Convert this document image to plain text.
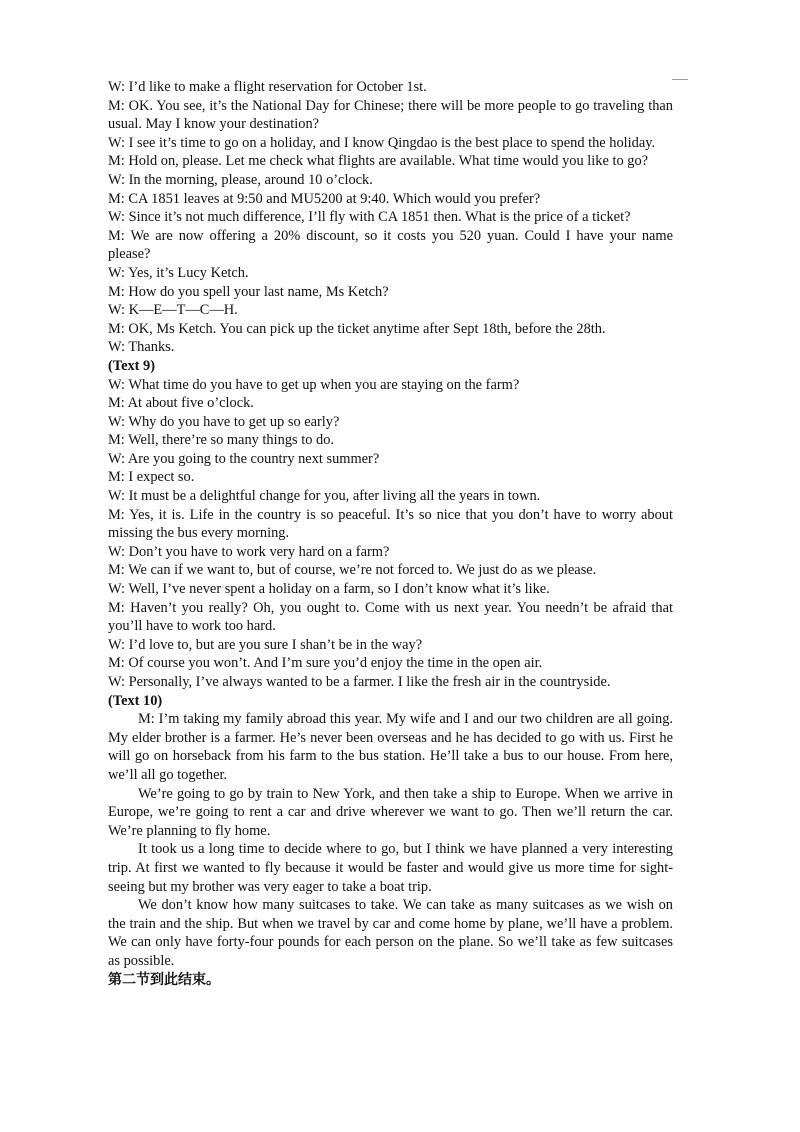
W: I’d like to make a flight reservation for October 1st.

M: OK. You see, it’s the National Day for Chinese; there will be more people to go traveling than usual. May I know your destination?

W: I see it’s time to go on a holiday, and I know Qingdao is the best place to spend the holiday.

M: Hold on, please. Let me check what flights are available. What time would you like to go?

W: In the morning, please, around 10 o’clock.

M: CA 1851 leaves at 9:50 and MU5200 at 9:40. Which would you prefer?

W: Since it’s not much difference, I’ll fly with CA 1851 then. What is the price of a ticket?

M: We are now offering a 20% discount, so it costs you 520 yuan. Could I have your name please?

W: Yes, it’s Lucy Ketch.

M: How do you spell your last name, Ms Ketch?

W: K—E—T—C—H.

M: OK, Ms Ketch. You can pick up the ticket anytime after Sept 18th, before the 28th.

W: Thanks.

(Text 9)

W: What time do you have to get up when you are staying on the farm?

M: At about five o’clock.

W: Why do you have to get up so early?

M: Well, there’re so many things to do.

W: Are you going to the country next summer?

M: I expect so.

W: It must be a delightful change for you, after living all the years in town.

M: Yes, it is. Life in the country is so peaceful. It’s so nice that you don’t have to worry about missing the bus every morning.

W: Don’t you have to work very hard on a farm?

M: We can if we want to, but of course, we’re not forced to. We just do as we please.

W: Well, I’ve never spent a holiday on a farm, so I don’t know what it’s like.

M: Haven’t you really? Oh, you ought to. Come with us next year. You needn’t be afraid that you’ll have to work too hard.

W: I’d love to, but are you sure I shan’t be in the way?

M: Of course you won’t. And I’m sure you’d enjoy the time in the open air.

W: Personally, I’ve always wanted to be a farmer. I like the fresh air in the countryside.

(Text 10)

M: I’m taking my family abroad this year. My wife and I and our two children are all going. My elder brother is a farmer. He’s never been overseas and he has decided to go with us. First he will go on horseback from his farm to the bus station. He’ll take a bus to our house. From here, we’ll all go together.

We’re going to go by train to New York, and then take a ship to Europe. When we arrive in Europe, we’re going to rent a car and drive wherever we want to go. Then we’ll return the car. We’re planning to fly home.

It took us a long time to decide where to go, but I think we have planned a very interesting trip. At first we wanted to fly because it would be faster and would give us more time for sight-seeing but my brother was very eager to take a boat trip.

We don’t know how many suitcases to take. We can take as many suitcases as we wish on the train and the ship. But when we travel by car and come home by plane, we’ll have a problem. We can only have forty-four pounds for each person on the plane. So we’ll take as few suitcases as possible.

第二节到此结束。
